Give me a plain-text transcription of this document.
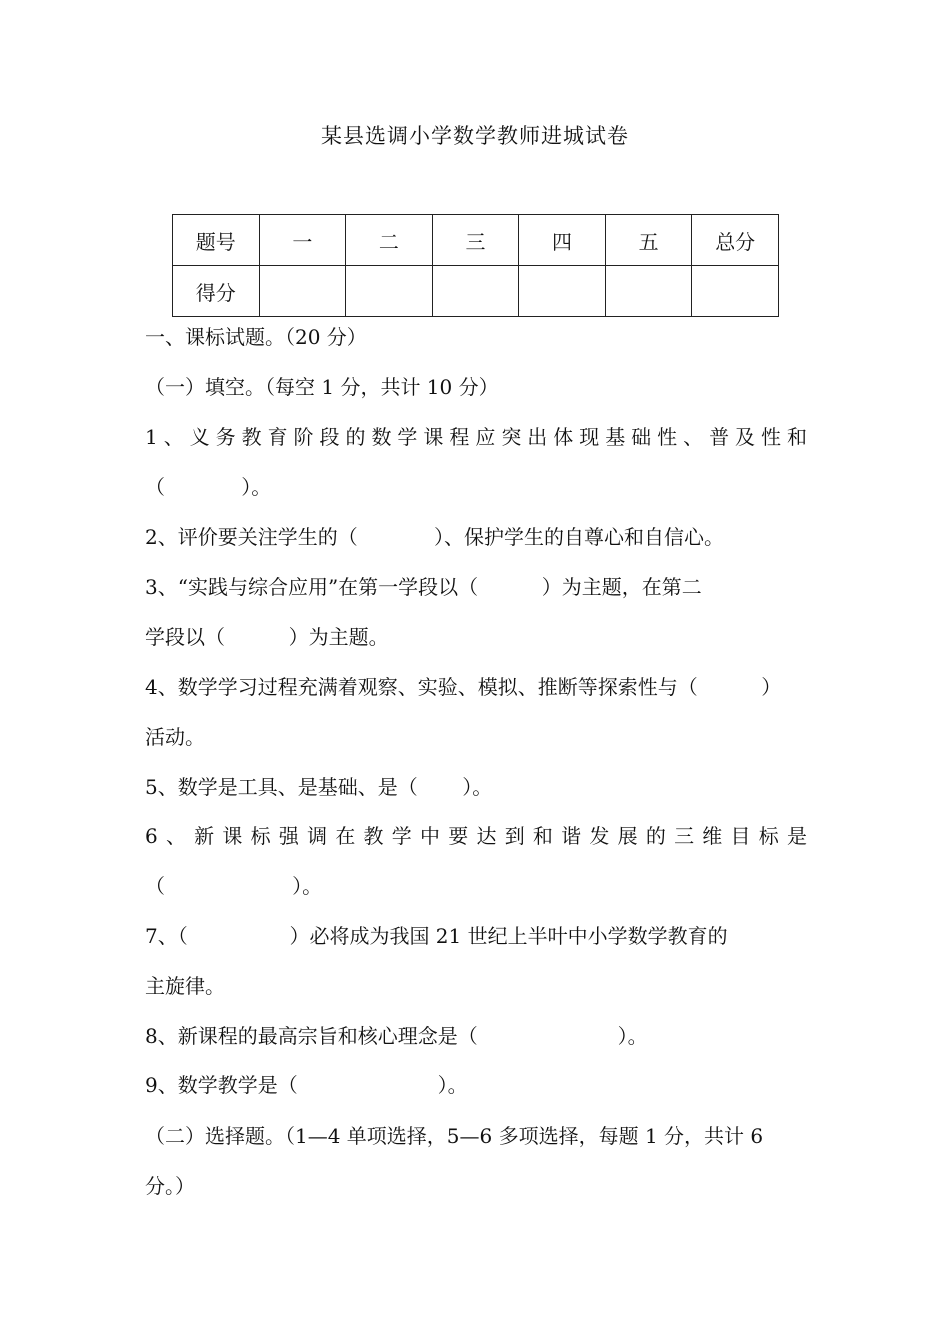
某县选调小学数学教师进城试卷
题号	一	二	三	四	五	总分
得分						
一、课标试题。（20 分）
（一）填空。（每空 1 分，共计 10 分）
1、义务教育阶段的数学课程应突出体现基础性、普及性和
（            ）。
2、评价要关注学生的（            ）、保护学生的自尊心和自信心。
3、“实践与综合应用”在第一学段以（          ）为主题，在第二
学段以（          ）为主题。
4、数学学习过程充满着观察、实验、模拟、推断等探索性与（          ）
活动。
5、数学是工具、是基础、是（       ）。
6、新课标强调在教学中要达到和谐发展的三维目标是
（                    ）。
7、（                ）必将成为我国 21 世纪上半叶中小学数学教育的
主旋律。
8、新课程的最高宗旨和核心理念是（                      ）。
9、数学教学是（                      ）。
（二）选择题。（1—4 单项选择，5—6 多项选择，每题 1 分，共计 6
分。）
